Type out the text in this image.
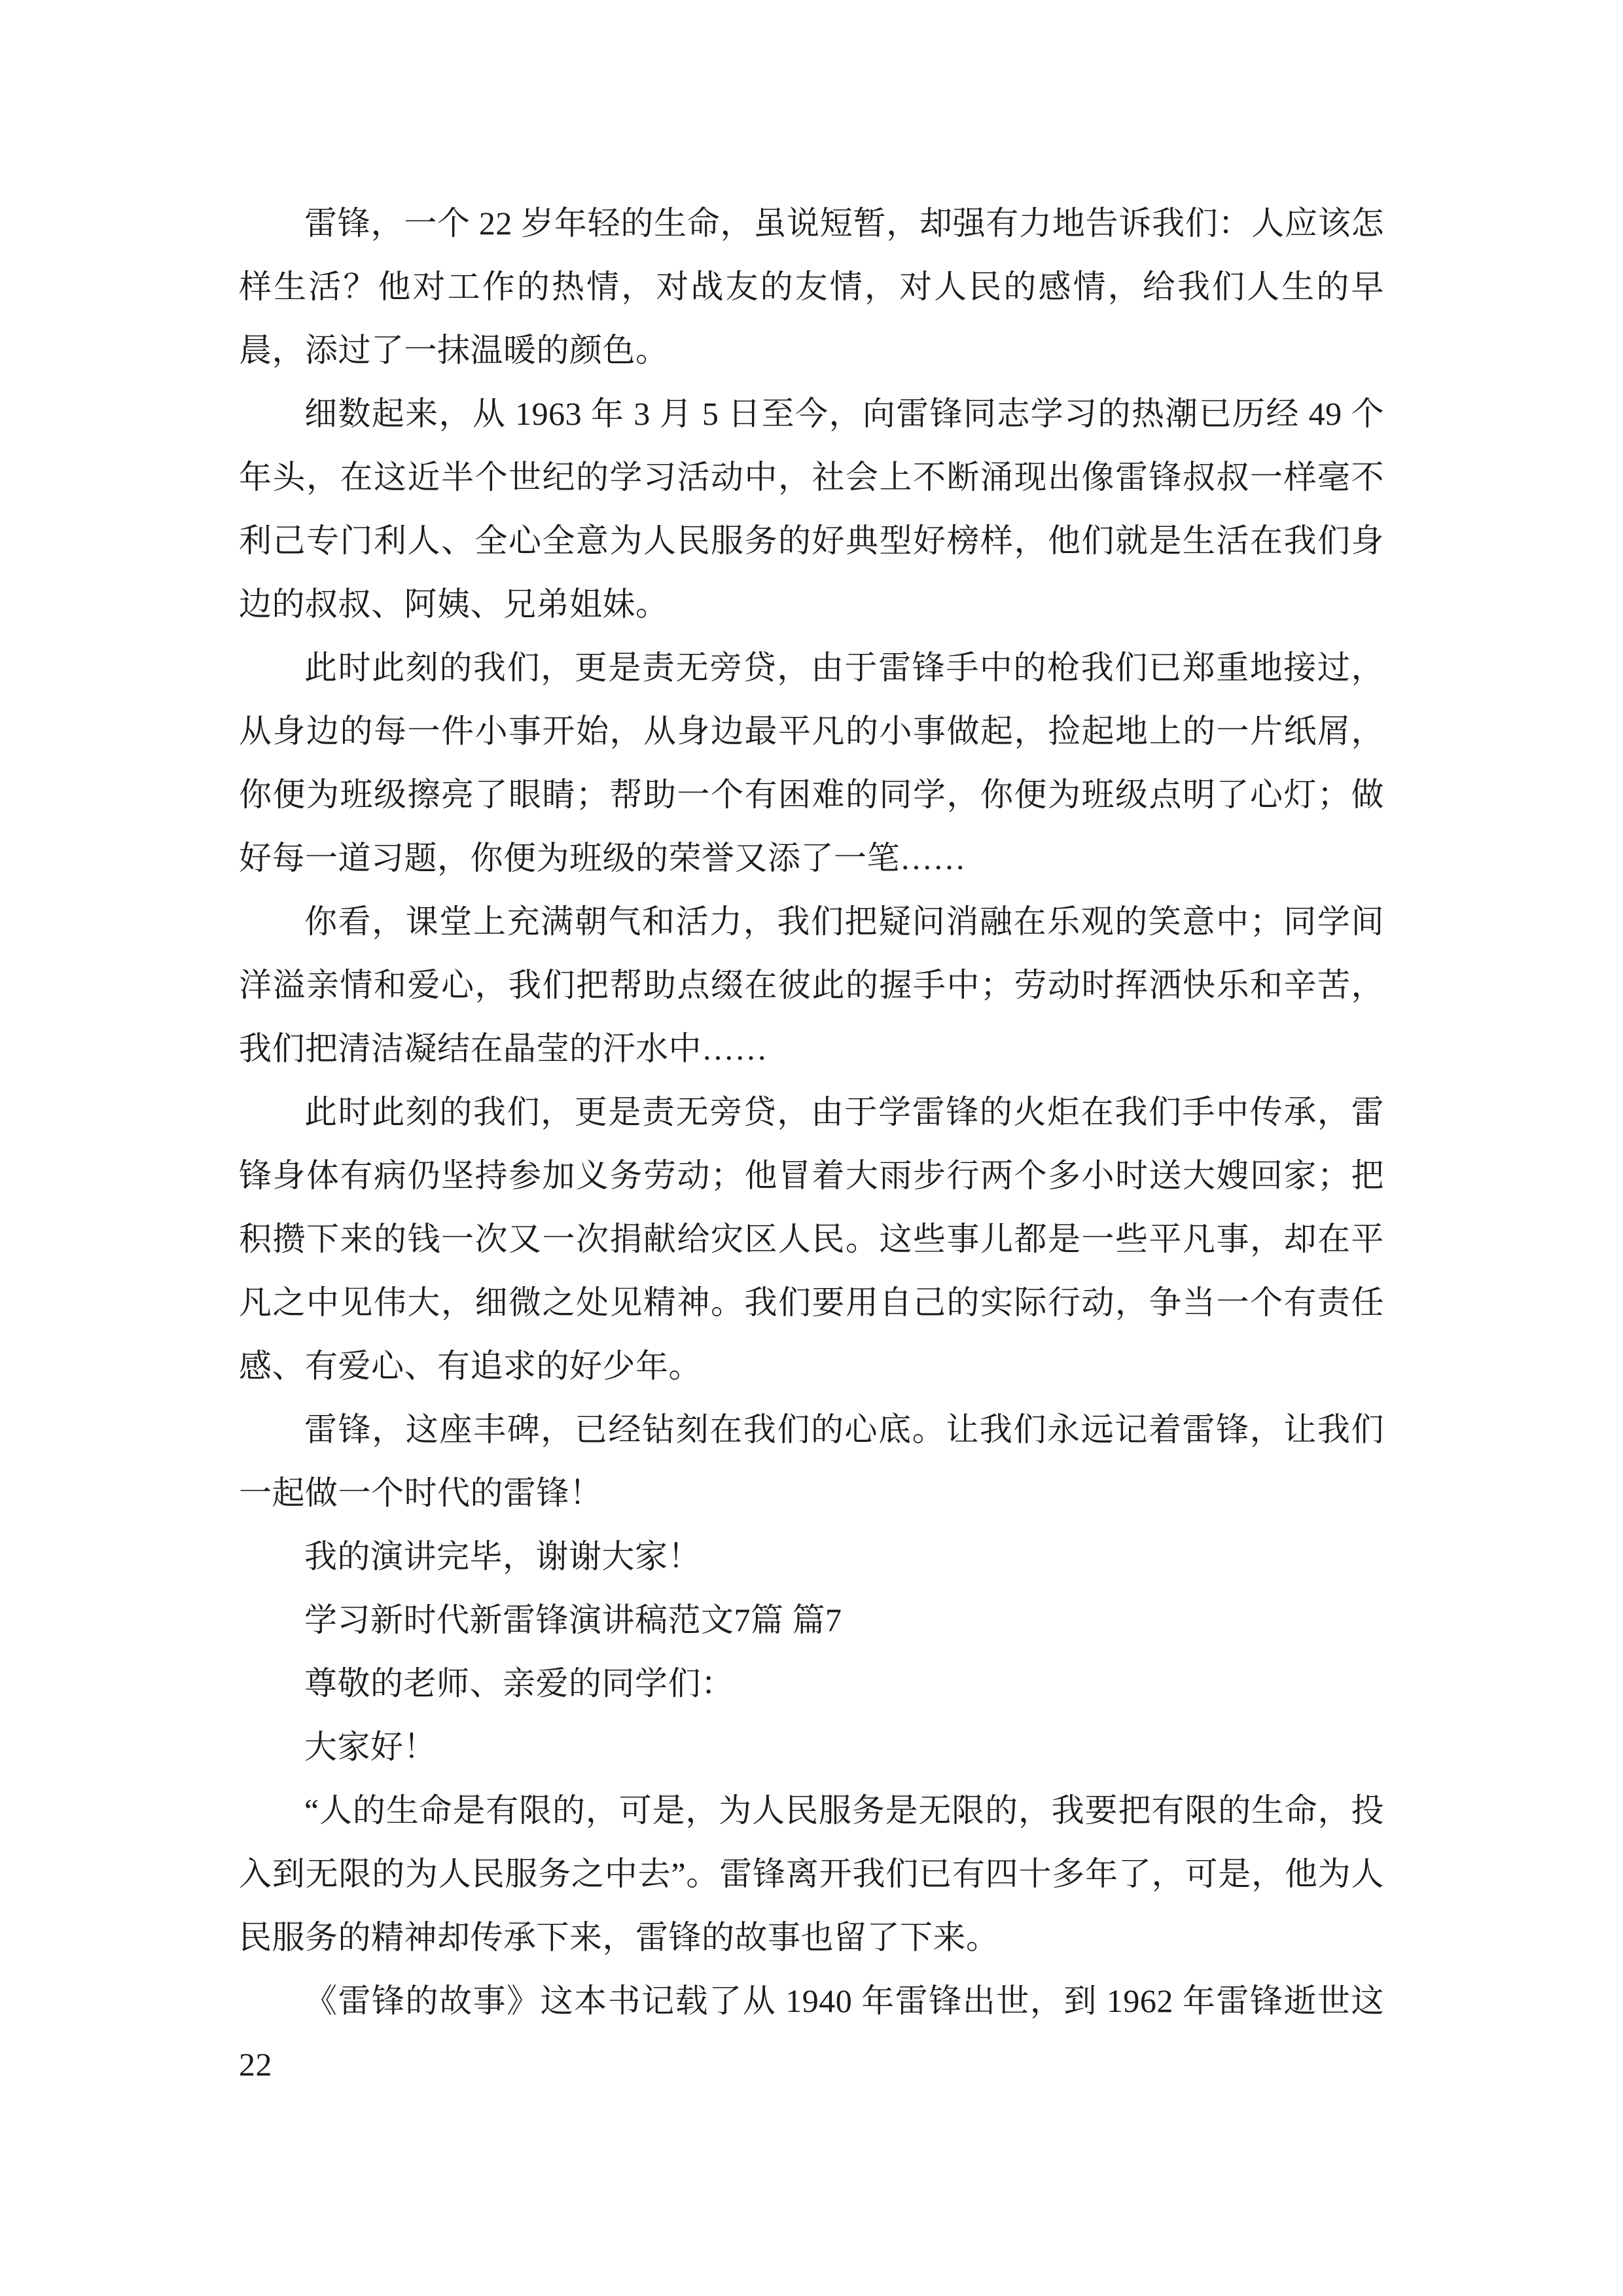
雷锋，一个 22 岁年轻的生命，虽说短暂，却强有力地告诉我们：人应该怎样生活？他对工作的热情，对战友的友情，对人民的感情，给我们人生的早晨，添过了一抹温暖的颜色。

细数起来，从 1963 年 3 月 5 日至今，向雷锋同志学习的热潮已历经 49 个年头，在这近半个世纪的学习活动中，社会上不断涌现出像雷锋叔叔一样毫不利己专门利人、全心全意为人民服务的好典型好榜样，他们就是生活在我们身边的叔叔、阿姨、兄弟姐妹。

此时此刻的我们，更是责无旁贷，由于雷锋手中的枪我们已郑重地接过，从身边的每一件小事开始，从身边最平凡的小事做起，捡起地上的一片纸屑，你便为班级擦亮了眼睛；帮助一个有困难的同学，你便为班级点明了心灯；做好每一道习题，你便为班级的荣誉又添了一笔……

你看，课堂上充满朝气和活力，我们把疑问消融在乐观的笑意中；同学间洋溢亲情和爱心，我们把帮助点缀在彼此的握手中；劳动时挥洒快乐和辛苦，我们把清洁凝结在晶莹的汗水中……

此时此刻的我们，更是责无旁贷，由于学雷锋的火炬在我们手中传承，雷锋身体有病仍坚持参加义务劳动；他冒着大雨步行两个多小时送大嫂回家；把积攒下来的钱一次又一次捐献给灾区人民。这些事儿都是一些平凡事，却在平凡之中见伟大，细微之处见精神。我们要用自己的实际行动，争当一个有责任感、有爱心、有追求的好少年。

雷锋，这座丰碑，已经钻刻在我们的心底。让我们永远记着雷锋，让我们一起做一个时代的雷锋！

我的演讲完毕，谢谢大家！

学习新时代新雷锋演讲稿范文7篇 篇7

尊敬的老师、亲爱的同学们：

大家好！

“人的生命是有限的，可是，为人民服务是无限的，我要把有限的生命，投入到无限的为人民服务之中去”。雷锋离开我们已有四十多年了，可是，他为人民服务的精神却传承下来，雷锋的故事也留了下来。

《雷锋的故事》这本书记载了从 1940 年雷锋出世，到 1962 年雷锋逝世这 22
